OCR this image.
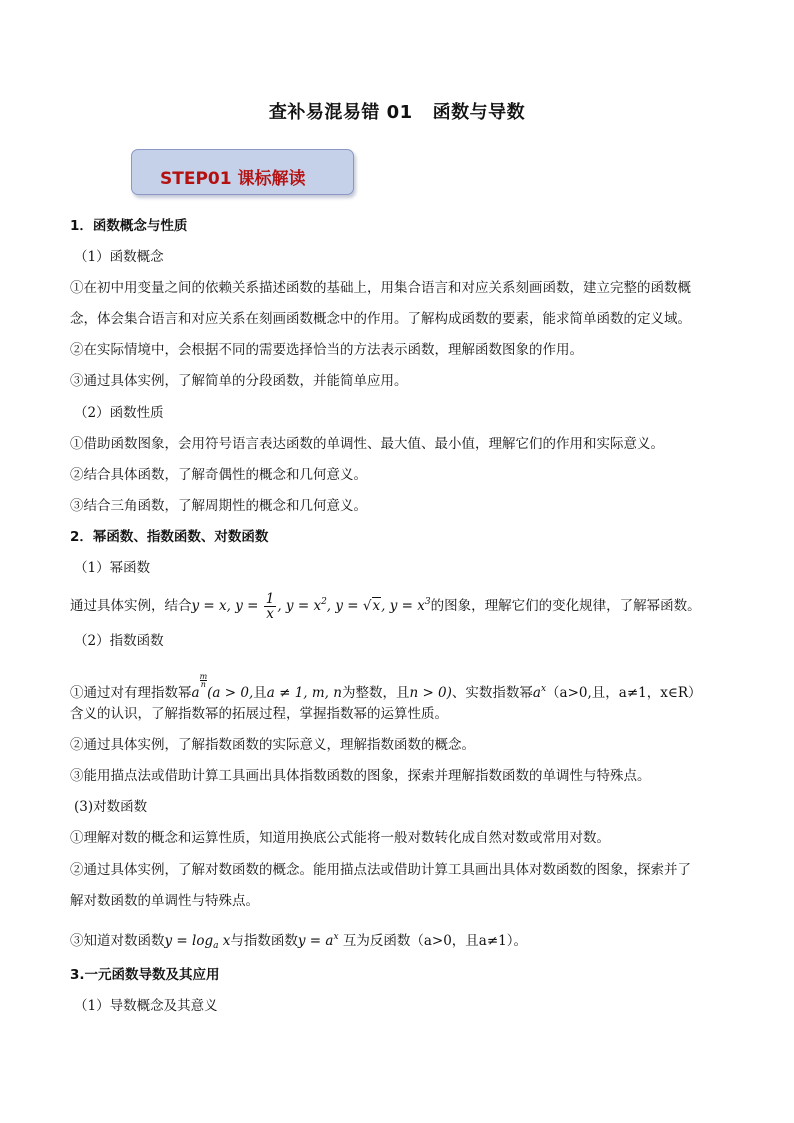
查补易混易错 01 函数与导数
STEP01 课标解读
1．函数概念与性质
（1）函数概念
①在初中用变量之间的依赖关系描述函数的基础上，用集合语言和对应关系刻画函数，建立完整的函数概
念，体会集合语言和对应关系在刻画函数概念中的作用。了解构成函数的要素，能求简单函数的定义域。
②在实际情境中，会根据不同的需要选择恰当的方法表示函数，理解函数图象的作用。
③通过具体实例，了解简单的分段函数，并能简单应用。
（2）函数性质
①借助函数图象，会用符号语言表达函数的单调性、最大值、最小值，理解它们的作用和实际意义。
②结合具体函数，了解奇偶性的概念和几何意义。
③结合三角函数，了解周期性的概念和几何意义。
2．幂函数、指数函数、对数函数
（1）幂函数
通过具体实例，结合y = x, $y = \frac{1}{x}$ , $y = x^2$, y = √x, $y = x^3$的图象，理解它们的变化规律，了解幂函数。
（2）指数函数
①通过对有理指数幂a
$\frac{m}{n}(a > 0$,且a ≠ 1, m, n为整数，且n > 0)、实数指数幂$a^x(a>0$,且，a≠1，x∈R）
含义的认识，了解指数幂的拓展过程，掌握指数幂的运算性质。
②通过具体实例，了解指数函数的实际意义，理解指数函数的概念。
③能用描点法或借助计算工具画出具体指数函数的图象，探索并理解指数函数的单调性与特殊点。
(3)对数函数
①理解对数的概念和运算性质，知道用换底公式能将一般对数转化成自然对数或常用对数。
②通过具体实例，了解对数函数的概念。能用描点法或借助计算工具画出具体对数函数的图象，探索并了
解对数函数的单调性与特殊点。
③知道对数函数$y = \log_a x$与指数函数$y = a^x$ 互为反函数（a>0，且a≠1）。
3.一元函数导数及其应用
（1）导数概念及其意义
